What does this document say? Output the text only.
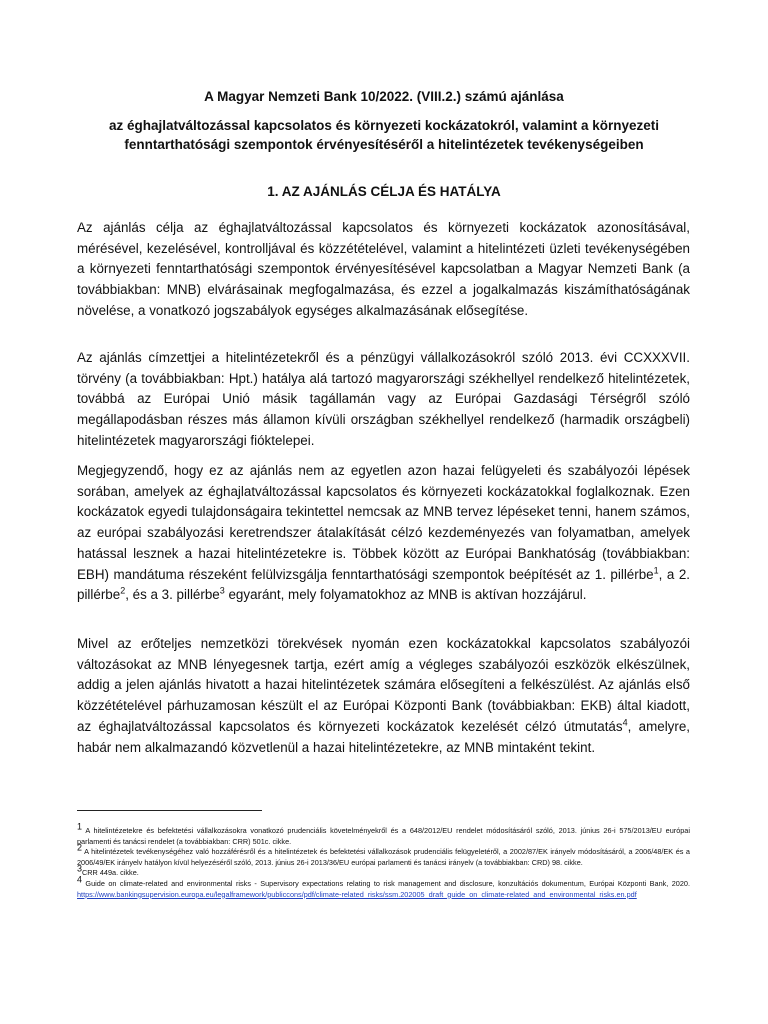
A Magyar Nemzeti Bank 10/2022. (VIII.2.) számú ajánlása
az éghajlatváltozással kapcsolatos és környezeti kockázatokról, valamint a környezeti fenntarthatósági szempontok érvényesítéséről a hitelintézetek tevékenységeiben
1. AZ AJÁNLÁS CÉLJA ÉS HATÁLYA

Az ajánlás célja az éghajlatváltozással kapcsolatos és környezeti kockázatok azonosításával, mérésével, kezelésével, kontrolljával és közzétételével, valamint a hitelintézeti üzleti tevékenységében a környezeti fenntarthatósági szempontok érvényesítésével kapcsolatban a Magyar Nemzeti Bank (a továbbiakban: MNB) elvárásainak megfogalmazása, és ezzel a jogalkalmazás kiszámíthatóságának növelése, a vonatkozó jogszabályok egységes alkalmazásának elősegítése.

Az ajánlás címzettjei a hitelintézetekről és a pénzügyi vállalkozásokról szóló 2013. évi CCXXXVII. törvény (a továbbiakban: Hpt.) hatálya alá tartozó magyarországi székhellyel rendelkező hitelintézetek, továbbá az Európai Unió másik tagállamán vagy az Európai Gazdasági Térségről szóló megállapodásban részes más államon kívüli országban székhellyel rendelkező (harmadik országbeli) hitelintézetek magyarországi fióktelepei.

Megjegyzendő, hogy ez az ajánlás nem az egyetlen azon hazai felügyeleti és szabályozói lépések sorában, amelyek az éghajlatváltozással kapcsolatos és környezeti kockázatokkal foglalkoznak. Ezen kockázatok egyedi tulajdonságaira tekintettel nemcsak az MNB tervez lépéseket tenni, hanem számos, az európai szabályozási keretrendszer átalakítását célzó kezdeményezés van folyamatban, amelyek hatással lesznek a hazai hitelintézetekre is. Többek között az Európai Bankhatóság (továbbiakban: EBH) mandátuma részeként felülvizsgálja fenntarthatósági szempontok beépítését az 1. pillérbe$^1$, a 2. pillérbe$^2$, és a 3. pillérbe$^3$ egyaránt, mely folyamatokhoz az MNB is aktívan hozzájárul.

Mivel az erőteljes nemzetközi törekvések nyomán ezen kockázatokkal kapcsolatos szabályozói változásokat az MNB lényegesnek tartja, ezért amíg a végleges szabályozói eszközök elkészülnek, addig a jelen ajánlás hivatott a hazai hitelintézetek számára elősegíteni a felkészülést. Az ajánlás első közzétételével párhuzamosan készült el az Európai Központi Bank (továbbiakban: EKB) által kiadott, az éghajlatváltozással kapcsolatos és környezeti kockázatok kezelését célzó útmutatás$^4$, amelyre, habár nem alkalmazandó közvetlenül a hazai hitelintézetekre, az MNB mintaként tekint.

$^1$ A hitelintézetekre és befektetési vállalkozásokra vonatkozó prudenciális követelményekről és a 648/2012/EU rendelet módosításáról szóló, 2013. június 26-i 575/2013/EU európai parlamenti és tanácsi rendelet (a továbbiakban: CRR) 501c. cikke.

$^2$ A hitelintézetek tevékenységéhez való hozzáférésről és a hitelintézetek és befektetési vállalkozások prudenciális felügyeletéről, a 2002/87/EK irányelv módosításáról, a 2006/48/EK és a 2006/49/EK irányelv hatályon kívül helyezéséről szóló, 2013. június 26-i 2013/36/EU európai parlamenti és tanácsi irányelv (a továbbiakban: CRD) 98. cikke.

$^3$CRR 449a. cikke.

$^4$ Guide on climate-related and environmental risks - Supervisory expectations relating to risk management and disclosure, konzultációs dokumentum, Európai Központi Bank, 2020. https://www.bankingsupervision.europa.eu/legalframework/publiccons/pdf/climate-related_risks/ssm.202005_draft_guide_on_climate-related_and_environmental_risks.en.pdf
